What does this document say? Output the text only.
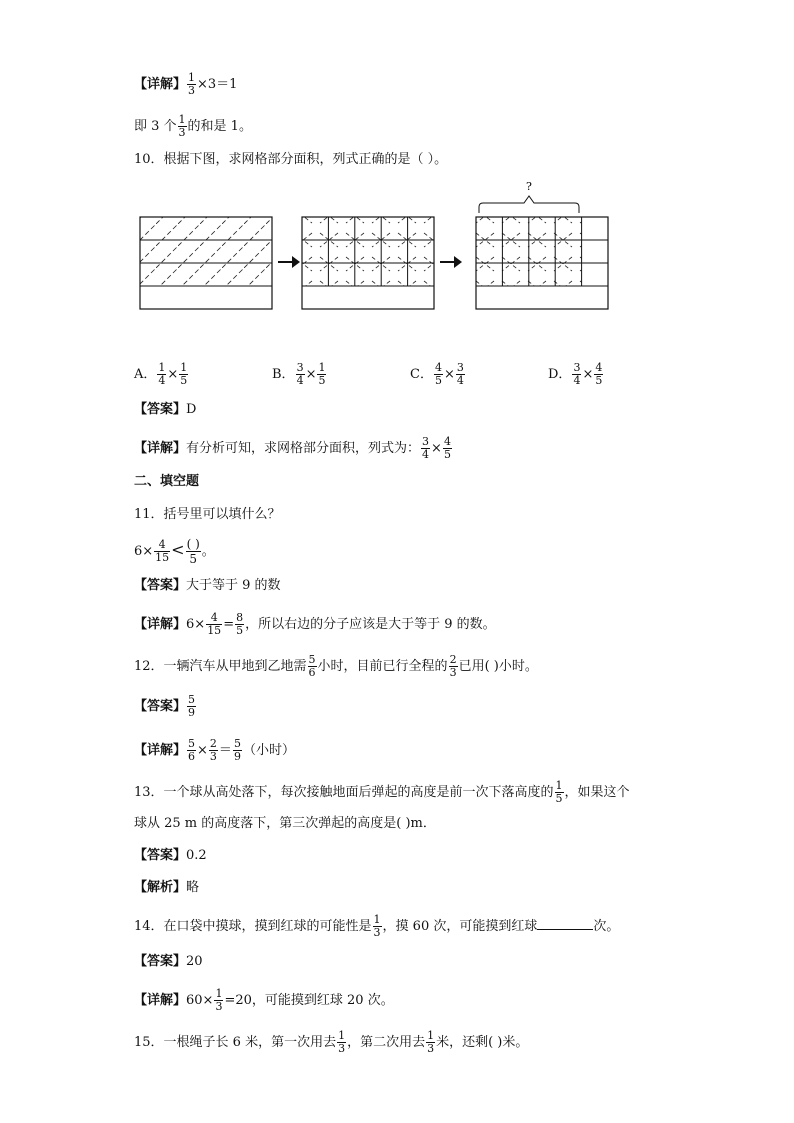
【详解】 $\frac{1}{3} \times 3=1$
即 3 个 $\frac{1}{3}$ 的和是 1。
10．根据下图，求网格部分面积，列式正确的是（ ）。
?
A． $\frac{1}{4} \times \frac{1}{5}$	B． $\frac{3}{4} \times \frac{1}{5}$	C． $\frac{4}{5} \times \frac{3}{4}$	D． $\frac{3}{4} \times \frac{4}{5}$
【答案】D
【详解】有分析可知，求网格部分面积，列式为： $\frac{3}{4} \times \frac{4}{5}$
二、填空题
11．括号里可以填什么？
$6\times \frac{4}{15} < \frac{( )}{5}$ 。
【答案】大于等于 9 的数
【详解】$6\times \frac{4}{15} = \frac{8}{5}$ ，所以右边的分子应该是大于等于 9 的数。
12．一辆汽车从甲地到乙地需 $\frac{5}{6}$ 小时，目前已行全程的 $\frac{2}{3}$ 已用( )小时。
【答案】 $\frac{5}{9}$
【详解】 $\frac{5}{6} \times \frac{2}{3} = \frac{5}{9}$ （小时）
13．一个球从高处落下，每次接触地面后弹起的高度是前一次下落高度的 $\frac{1}{5}$ ，如果这个
球从 25 m 的高度落下，第三次弹起的高度是( )m．
【答案】0.2
【解析】略
14．在口袋中摸球，摸到红球的可能性是 $\frac{1}{3}$ ，摸 60 次，可能摸到红球	次。
【答案】20
【详解】$60\times \frac{1}{3} =20$，可能摸到红球 20 次。
15．一根绳子长 6 米，第一次用去 $\frac{1}{3}$ ，第二次用去 $\frac{1}{3}$ 米，还剩( )米。
